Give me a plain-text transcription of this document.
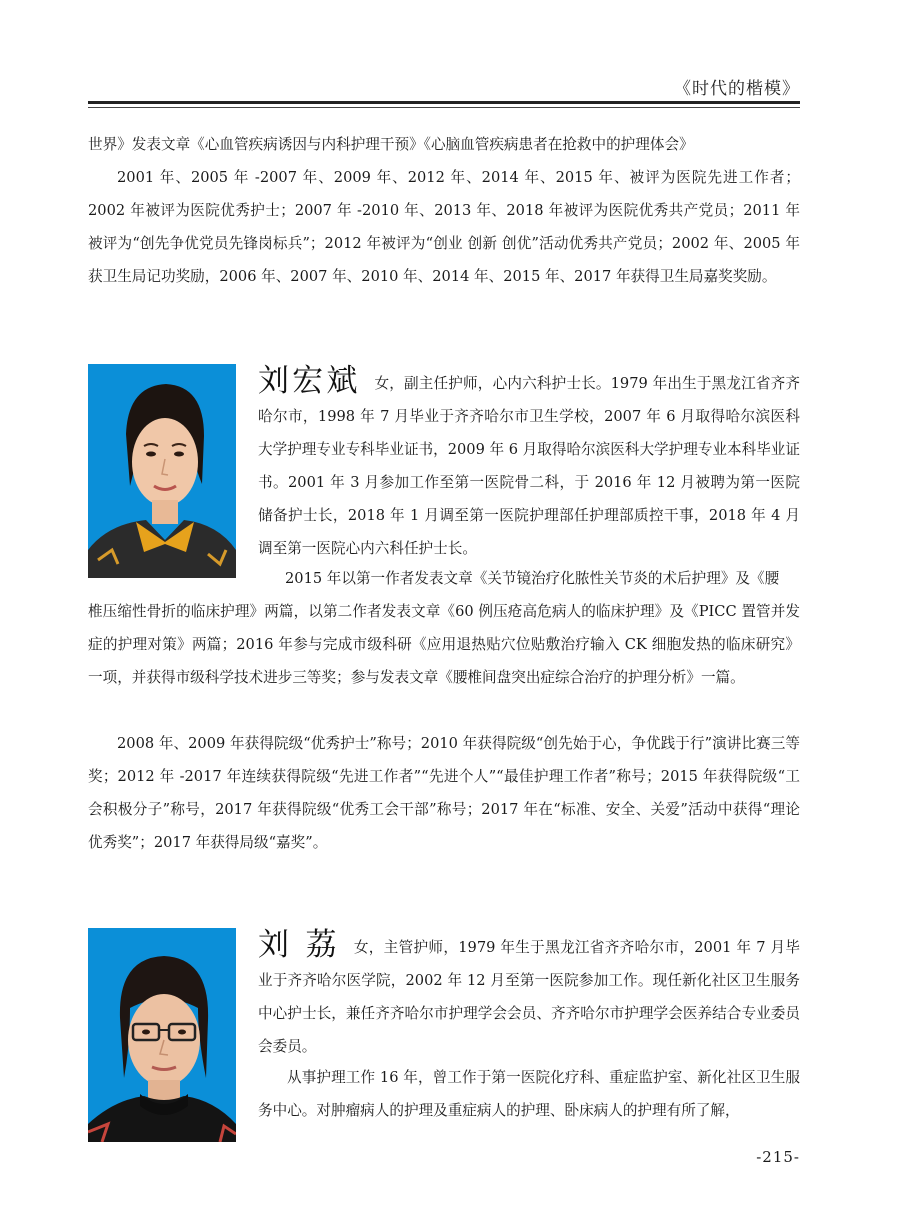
《时代的楷模》

世界》发表文章《心血管疾病诱因与内科护理干预》《心脑血管疾病患者在抢救中的护理体会》

2001 年、2005 年 -2007 年、2009 年、2012 年、2014 年、2015 年、被评为医院先进工作者；2002 年被评为医院优秀护士；2007 年 -2010 年、2013 年、2018 年被评为医院优秀共产党员；2011 年被评为“创先争优党员先锋岗标兵”；2012 年被评为“创业 创新 创优”活动优秀共产党员；2002 年、2005 年获卫生局记功奖励，2006 年、2007 年、2010 年、2014 年、2015 年、2017 年获得卫生局嘉奖奖励。

刘宏斌 女，副主任护师，心内六科护士长。1979 年出生于黑龙江省齐齐哈尔市，1998 年 7 月毕业于齐齐哈尔市卫生学校，2007 年 6 月取得哈尔滨医科大学护理专业专科毕业证书，2009 年 6 月取得哈尔滨医科大学护理专业本科毕业证书。2001 年 3 月参加工作至第一医院骨二科，于 2016 年 12 月被聘为第一医院储备护士长，2018 年 1 月调至第一医院护理部任护理部质控干事，2018 年 4 月调至第一医院心内六科任护士长。

2015 年以第一作者发表文章《关节镜治疗化脓性关节炎的术后护理》及《腰

椎压缩性骨折的临床护理》两篇，以第二作者发表文章《60 例压疮高危病人的临床护理》及《PICC 置管并发症的护理对策》两篇；2016 年参与完成市级科研《应用退热贴穴位贴敷治疗输入 CK 细胞发热的临床研究》一项，并获得市级科学技术进步三等奖；参与发表文章《腰椎间盘突出症综合治疗的护理分析》一篇。

2008 年、2009 年获得院级“优秀护士”称号；2010 年获得院级“创先始于心，争优践于行”演讲比赛三等奖；2012 年 -2017 年连续获得院级“先进工作者”“先进个人”“最佳护理工作者”称号；2015 年获得院级“工会积极分子”称号，2017 年获得院级“优秀工会干部”称号；2017 年在“标准、安全、关爱”活动中获得“理论优秀奖”；2017 年获得局级“嘉奖”。

刘 荔 女，主管护师，1979 年生于黑龙江省齐齐哈尔市，2001 年 7 月毕业于齐齐哈尔医学院，2002 年 12 月至第一医院参加工作。现任新化社区卫生服务中心护士长，兼任齐齐哈尔市护理学会会员、齐齐哈尔市护理学会医养结合专业委员会委员。

从事护理工作 16 年，曾工作于第一医院化疗科、重症监护室、新化社区卫生服务中心。对肿瘤病人的护理及重症病人的护理、卧床病人的护理有所了解，

-215-
